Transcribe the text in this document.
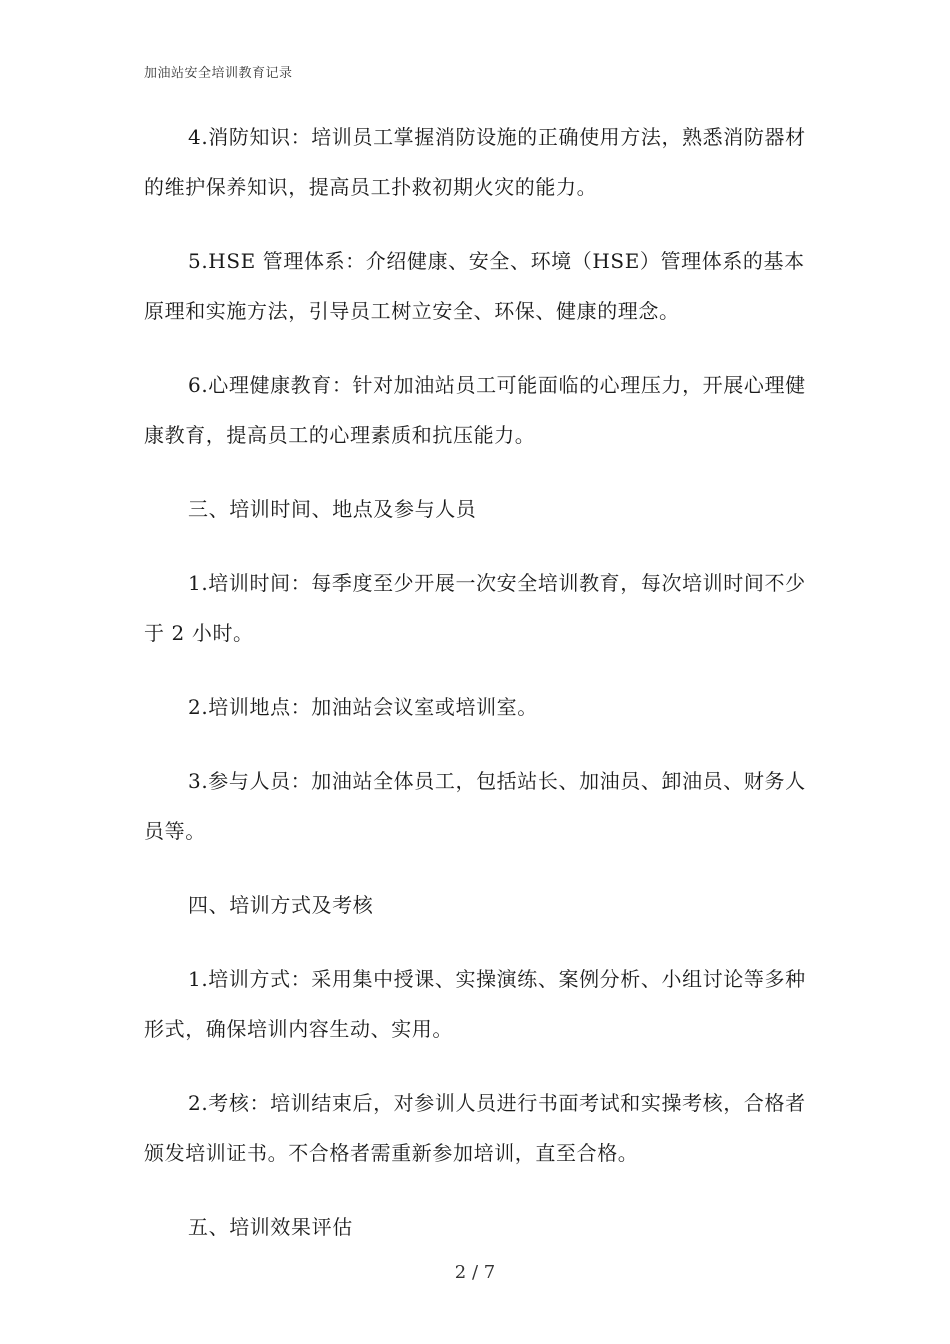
加油站安全培训教育记录

4.消防知识：培训员工掌握消防设施的正确使用方法，熟悉消防器材的维护保养知识，提高员工扑救初期火灾的能力。

5.HSE 管理体系：介绍健康、安全、环境（HSE）管理体系的基本原理和实施方法，引导员工树立安全、环保、健康的理念。

6.心理健康教育：针对加油站员工可能面临的心理压力，开展心理健康教育，提高员工的心理素质和抗压能力。

三、培训时间、地点及参与人员

1.培训时间：每季度至少开展一次安全培训教育，每次培训时间不少于 2 小时。

2.培训地点：加油站会议室或培训室。

3.参与人员：加油站全体员工，包括站长、加油员、卸油员、财务人员等。

四、培训方式及考核

1.培训方式：采用集中授课、实操演练、案例分析、小组讨论等多种形式，确保培训内容生动、实用。

2.考核：培训结束后，对参训人员进行书面考试和实操考核，合格者颁发培训证书。不合格者需重新参加培训，直至合格。

五、培训效果评估

2 / 7
